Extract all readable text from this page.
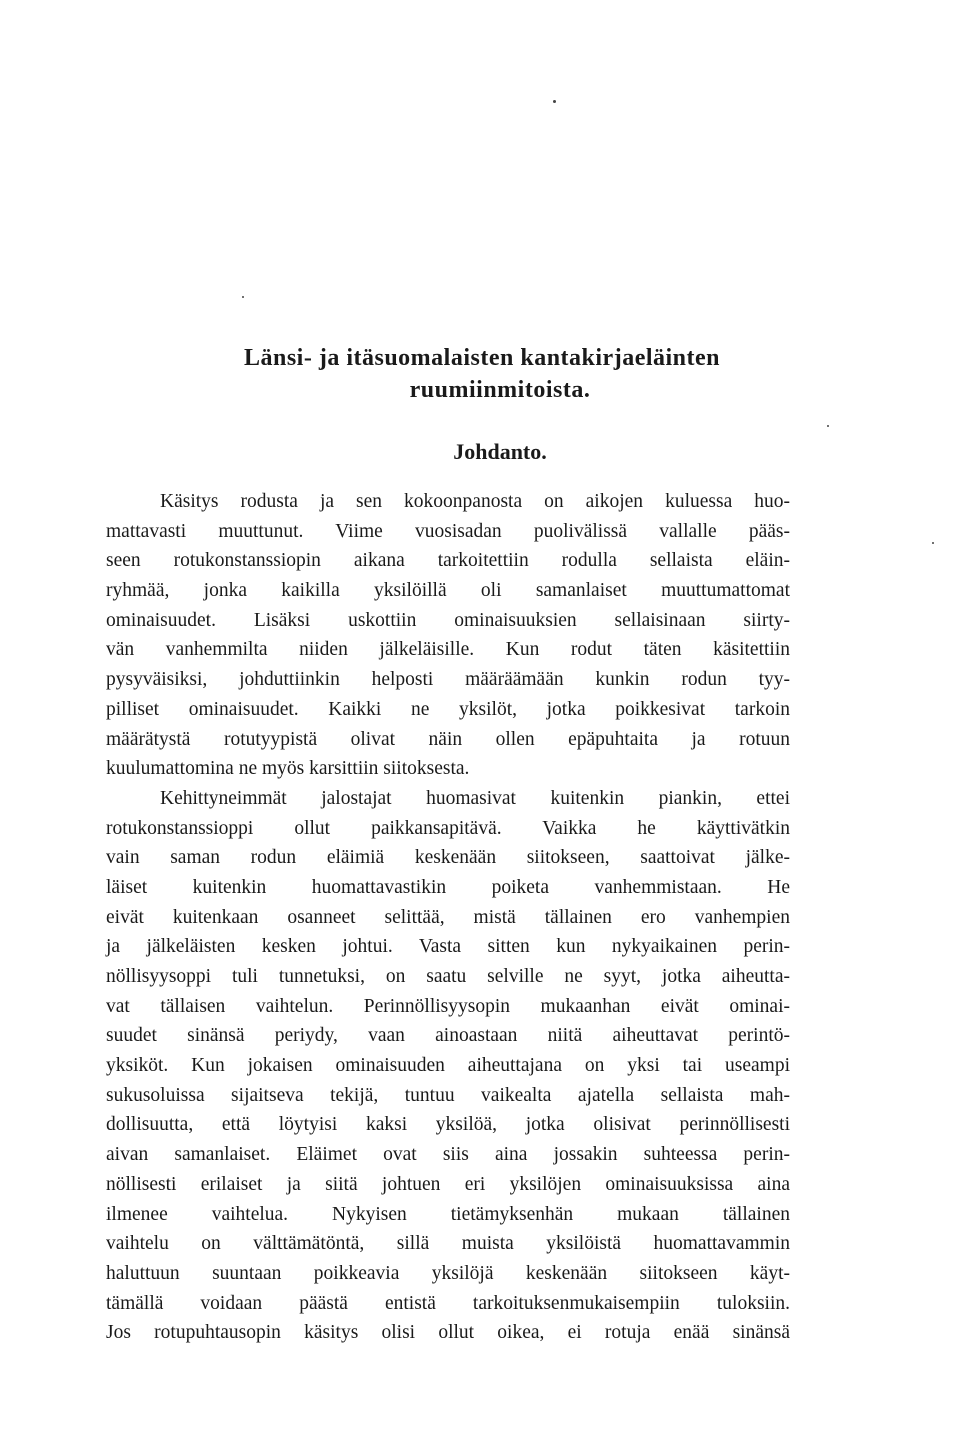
Länsi- ja itäsuomalaisten kantakirjaeläinten
ruumiinmitoista.
Johdanto.
Käsitys rodusta ja sen kokoonpanosta on aikojen kuluessa huo-
mattavasti muuttunut. Viime vuosisadan puolivälissä vallalle pääs-
seen rotukonstanssiopin aikana tarkoitettiin rodulla sellaista eläin-
ryhmää, jonka kaikilla yksilöillä oli samanlaiset muuttumattomat
ominaisuudet. Lisäksi uskottiin ominaisuuksien sellaisinaan siirty-
vän vanhemmilta niiden jälkeläisille. Kun rodut täten käsitettiin
pysyväisiksi, johduttiinkin helposti määräämään kunkin rodun tyy-
pilliset ominaisuudet. Kaikki ne yksilöt, jotka poikkesivat tarkoin
määrätystä rotutyypistä olivat näin ollen epäpuhtaita ja rotuun
kuulumattomina ne myös karsittiin siitoksesta.
Kehittyneimmät jalostajat huomasivat kuitenkin piankin, ettei
rotukonstanssioppi ollut paikkansapitävä. Vaikka he käyttivätkin
vain saman rodun eläimiä keskenään siitokseen, saattoivat jälke-
läiset kuitenkin huomattavastikin poiketa vanhemmistaan. He
eivät kuitenkaan osanneet selittää, mistä tällainen ero vanhempien
ja jälkeläisten kesken johtui. Vasta sitten kun nykyaikainen perin-
nöllisyysoppi tuli tunnetuksi, on saatu selville ne syyt, jotka aiheutta-
vat tällaisen vaihtelun. Perinnöllisyysopin mukaanhan eivät ominai-
suudet sinänsä periydy, vaan ainoastaan niitä aiheuttavat perintö-
yksiköt. Kun jokaisen ominaisuuden aiheuttajana on yksi tai useampi
sukusoluissa sijaitseva tekijä, tuntuu vaikealta ajatella sellaista mah-
dollisuutta, että löytyisi kaksi yksilöä, jotka olisivat perinnöllisesti
aivan samanlaiset. Eläimet ovat siis aina jossakin suhteessa perin-
nöllisesti erilaiset ja siitä johtuen eri yksilöjen ominaisuuksissa aina
ilmenee vaihtelua. Nykyisen tietämyksenhän mukaan tällainen
vaihtelu on välttämätöntä, sillä muista yksilöistä huomattavammin
haluttuun suuntaan poikkeavia yksilöjä keskenään siitokseen käyt-
tämällä voidaan päästä entistä tarkoituksenmukaisempiin tuloksiin.
Jos rotupuhtausopin käsitys olisi ollut oikea, ei rotuja enää sinänsä
